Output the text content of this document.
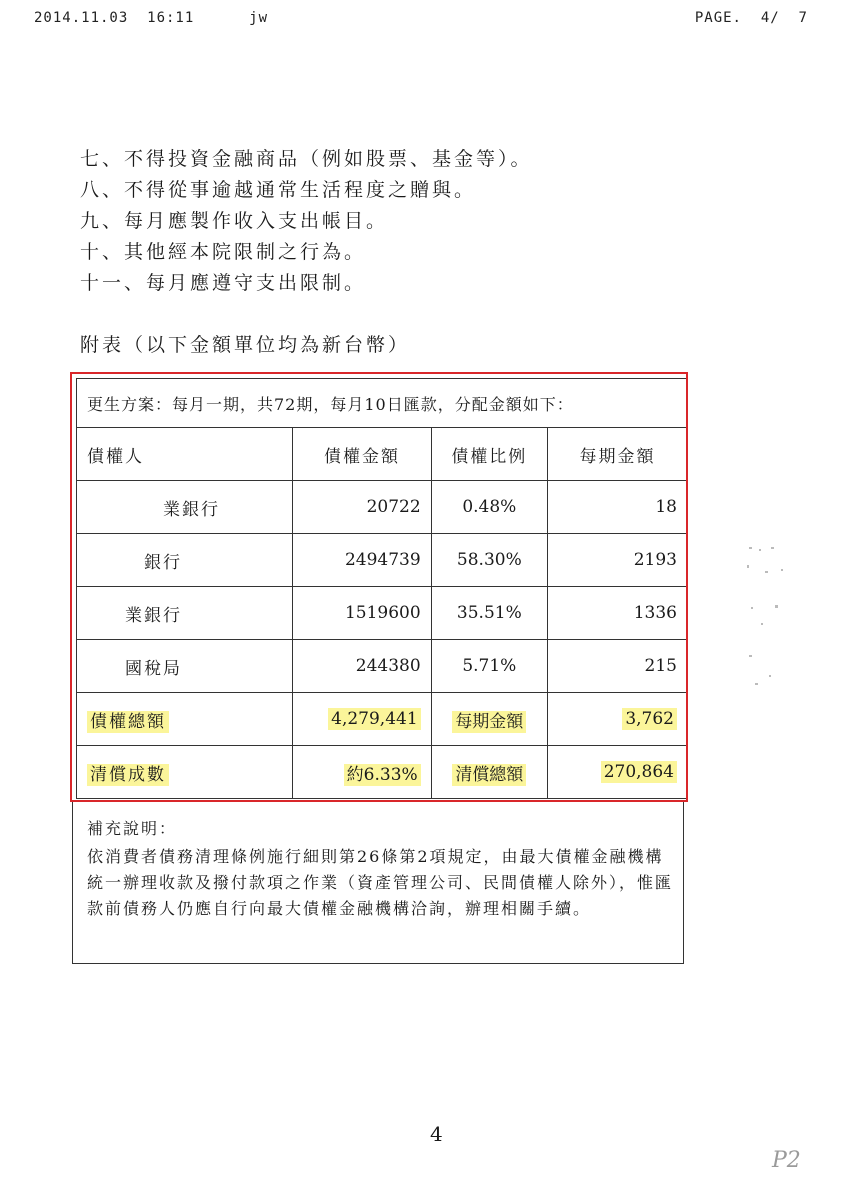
2014.11.03  16:11	jw	PAGE.  4/  7
七、不得投資金融商品（例如股票、基金等）。
八、不得從事逾越通常生活程度之贈與。
九、每月應製作收入支出帳目。
十、其他經本院限制之行為。
十一、每月應遵守支出限制。
附表（以下金額單位均為新台幣）
更生方案：每月一期，共72期，每月10日匯款，分配金額如下：			
債權人	債權金額	債權比例	每期金額
　　　　業銀行	20722	0.48%	18
　　　銀行	2494739	58.30%	2193
　　業銀行	1519600	35.51%	1336
　　國稅局	244380	5.71%	215
債權總額	4,279,441	每期金額	3,762
清償成數	約6.33%	清償總額	270,864
補充說明：
依消費者債務清理條例施行細則第26條第2項規定，由最大債權金融機構統一辦理收款及撥付款項之作業（資產管理公司、民間債權人除外），惟匯款前債務人仍應自行向最大債權金融機構洽詢，辦理相關手續。
4
P2
